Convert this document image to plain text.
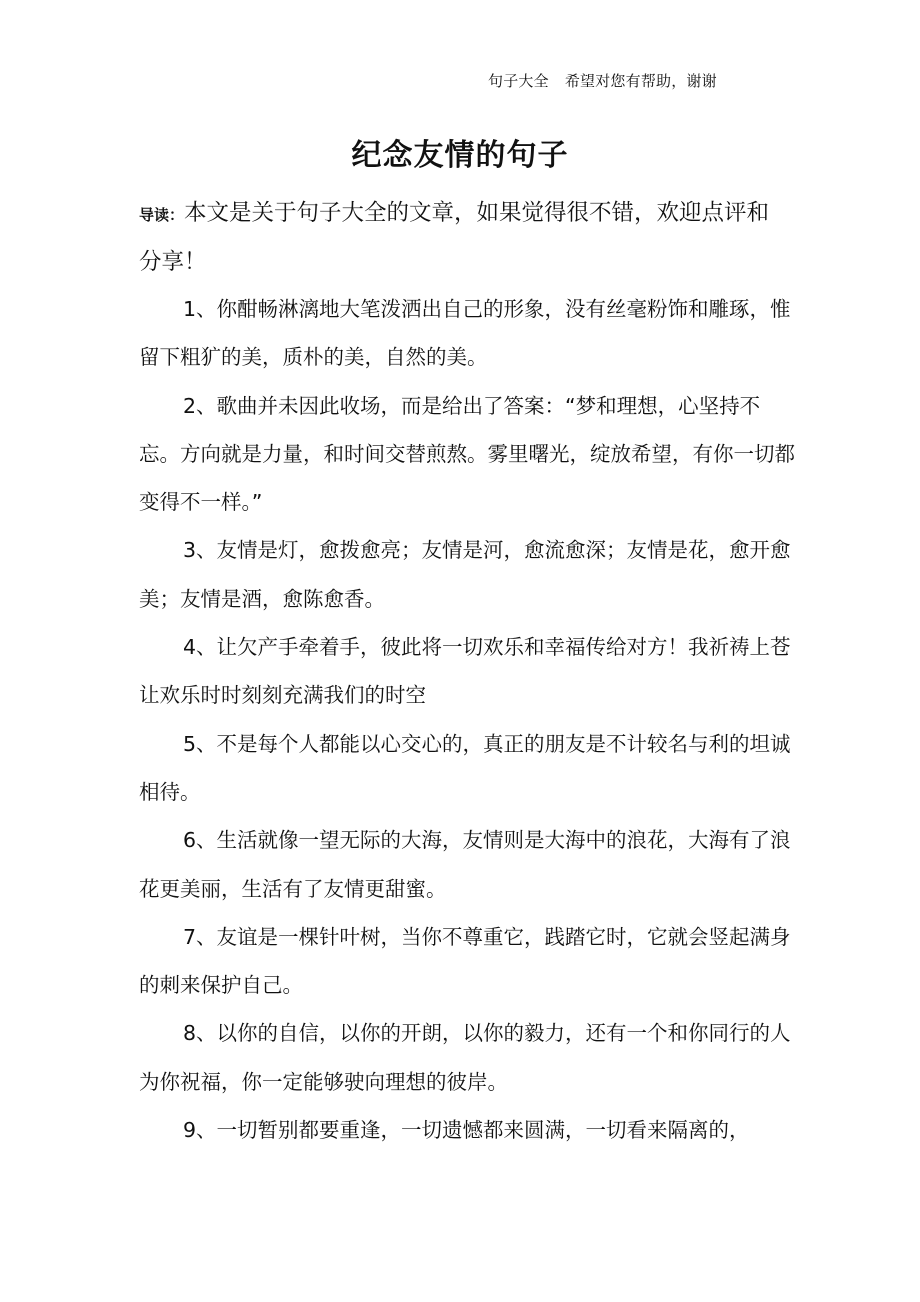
句子大全 希望对您有帮助，谢谢
纪念友情的句子
导读：本文是关于句子大全的文章，如果觉得很不错，欢迎点评和分享！

1、你酣畅淋漓地大笔泼洒出自己的形象，没有丝毫粉饰和雕琢，惟留下粗犷的美，质朴的美，自然的美。

2、歌曲并未因此收场，而是给出了答案：“梦和理想，心坚持不忘。方向就是力量，和时间交替煎熬。雾里曙光，绽放希望，有你一切都变得不一样。”

3、友情是灯，愈拨愈亮；友情是河，愈流愈深；友情是花，愈开愈美；友情是酒，愈陈愈香。

4、让欠产手牵着手，彼此将一切欢乐和幸福传给对方！我祈祷上苍让欢乐时时刻刻充满我们的时空

5、不是每个人都能以心交心的，真正的朋友是不计较名与利的坦诚相待。

6、生活就像一望无际的大海，友情则是大海中的浪花，大海有了浪花更美丽，生活有了友情更甜蜜。

7、友谊是一棵针叶树，当你不尊重它，践踏它时，它就会竖起满身的刺来保护自己。

8、以你的自信，以你的开朗，以你的毅力，还有一个和你同行的人为你祝福，你一定能够驶向理想的彼岸。

9、一切暂别都要重逢，一切遗憾都来圆满，一切看来隔离的，
